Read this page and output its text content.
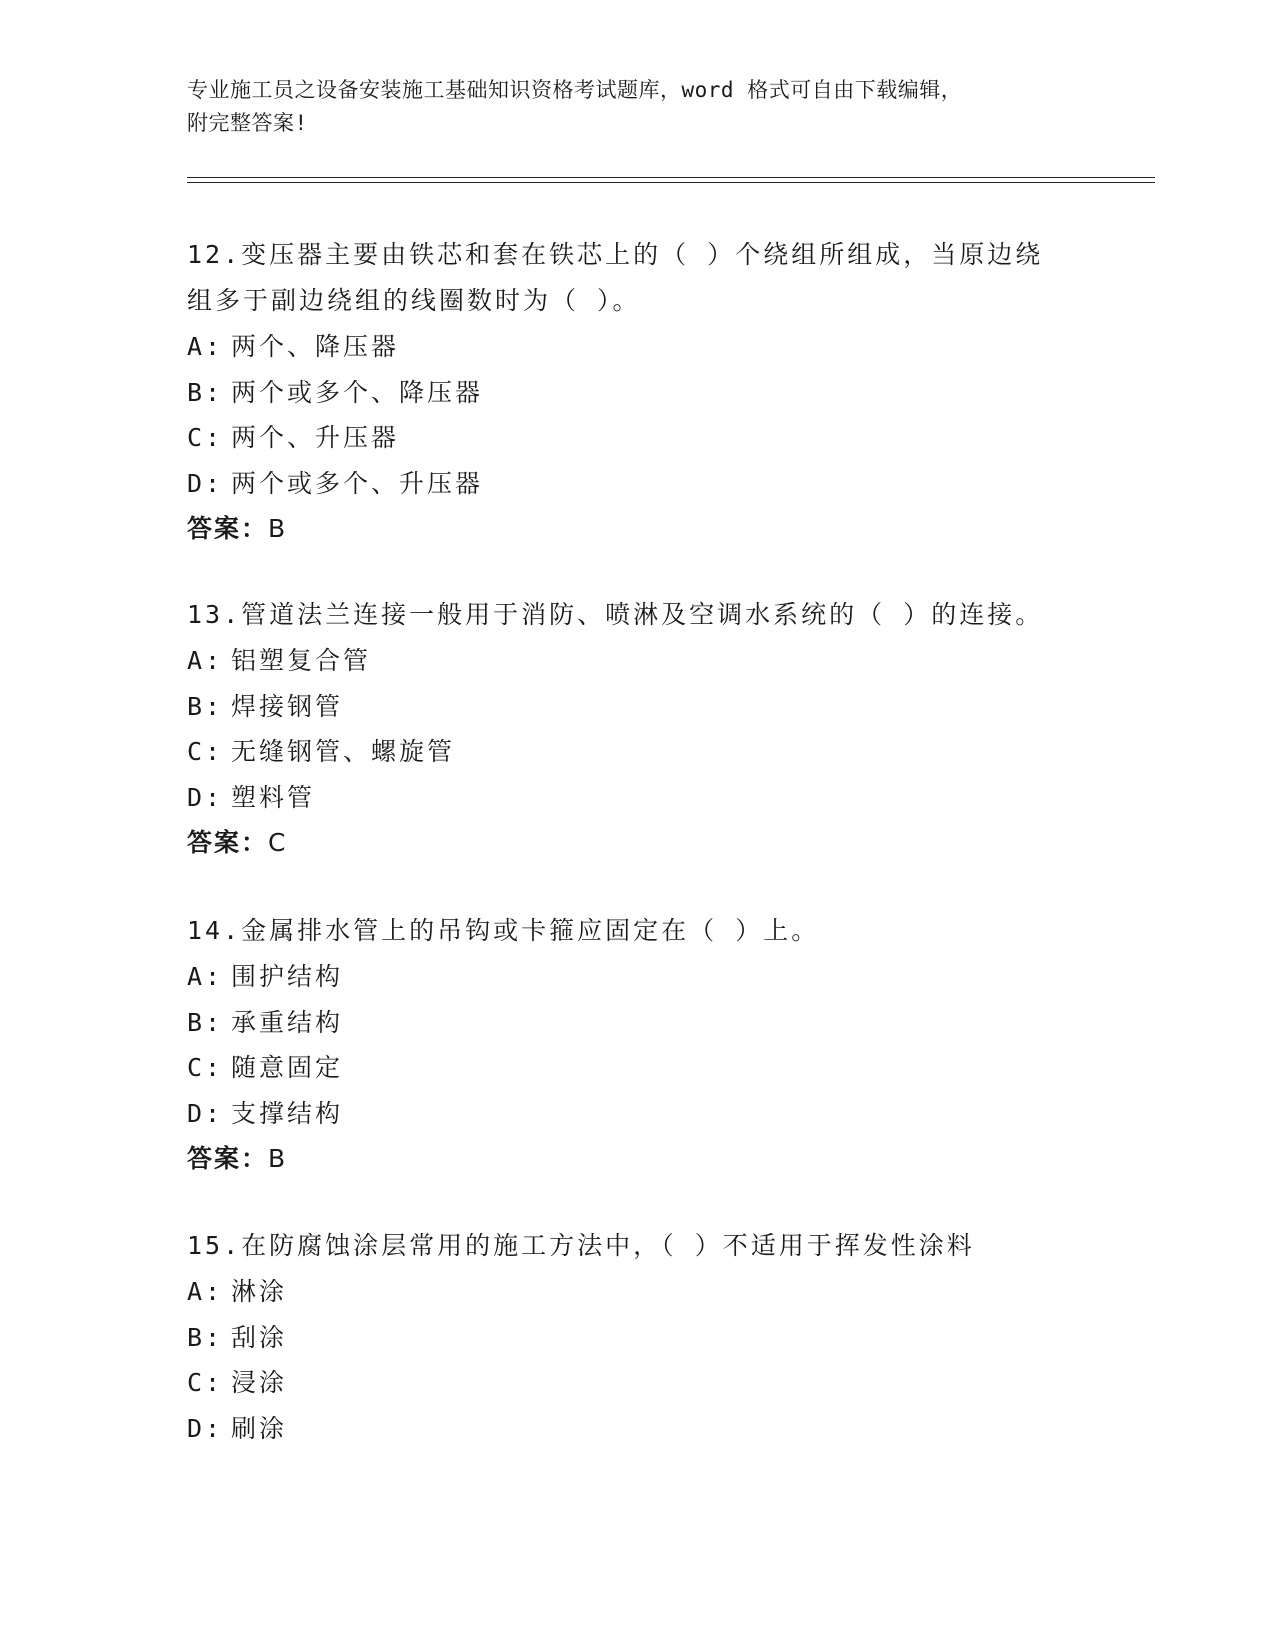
专业施工员之设备安装施工基础知识资格考试题库，word 格式可自由下载编辑，
附完整答案!
12.变压器主要由铁芯和套在铁芯上的（ ）个绕组所组成，当原边绕
组多于副边绕组的线圈数时为（ ）。
A: 两个、降压器
B: 两个或多个、降压器
C: 两个、升压器
D: 两个或多个、升压器
答案：B
13.管道法兰连接一般用于消防、喷淋及空调水系统的（ ）的连接。
A: 铝塑复合管
B: 焊接钢管
C: 无缝钢管、螺旋管
D: 塑料管
答案：C
14.金属排水管上的吊钩或卡箍应固定在（ ）上。
A: 围护结构
B: 承重结构
C: 随意固定
D: 支撑结构
答案：B
15.在防腐蚀涂层常用的施工方法中，（ ）不适用于挥发性涂料
A: 淋涂
B: 刮涂
C: 浸涂
D: 刷涂
